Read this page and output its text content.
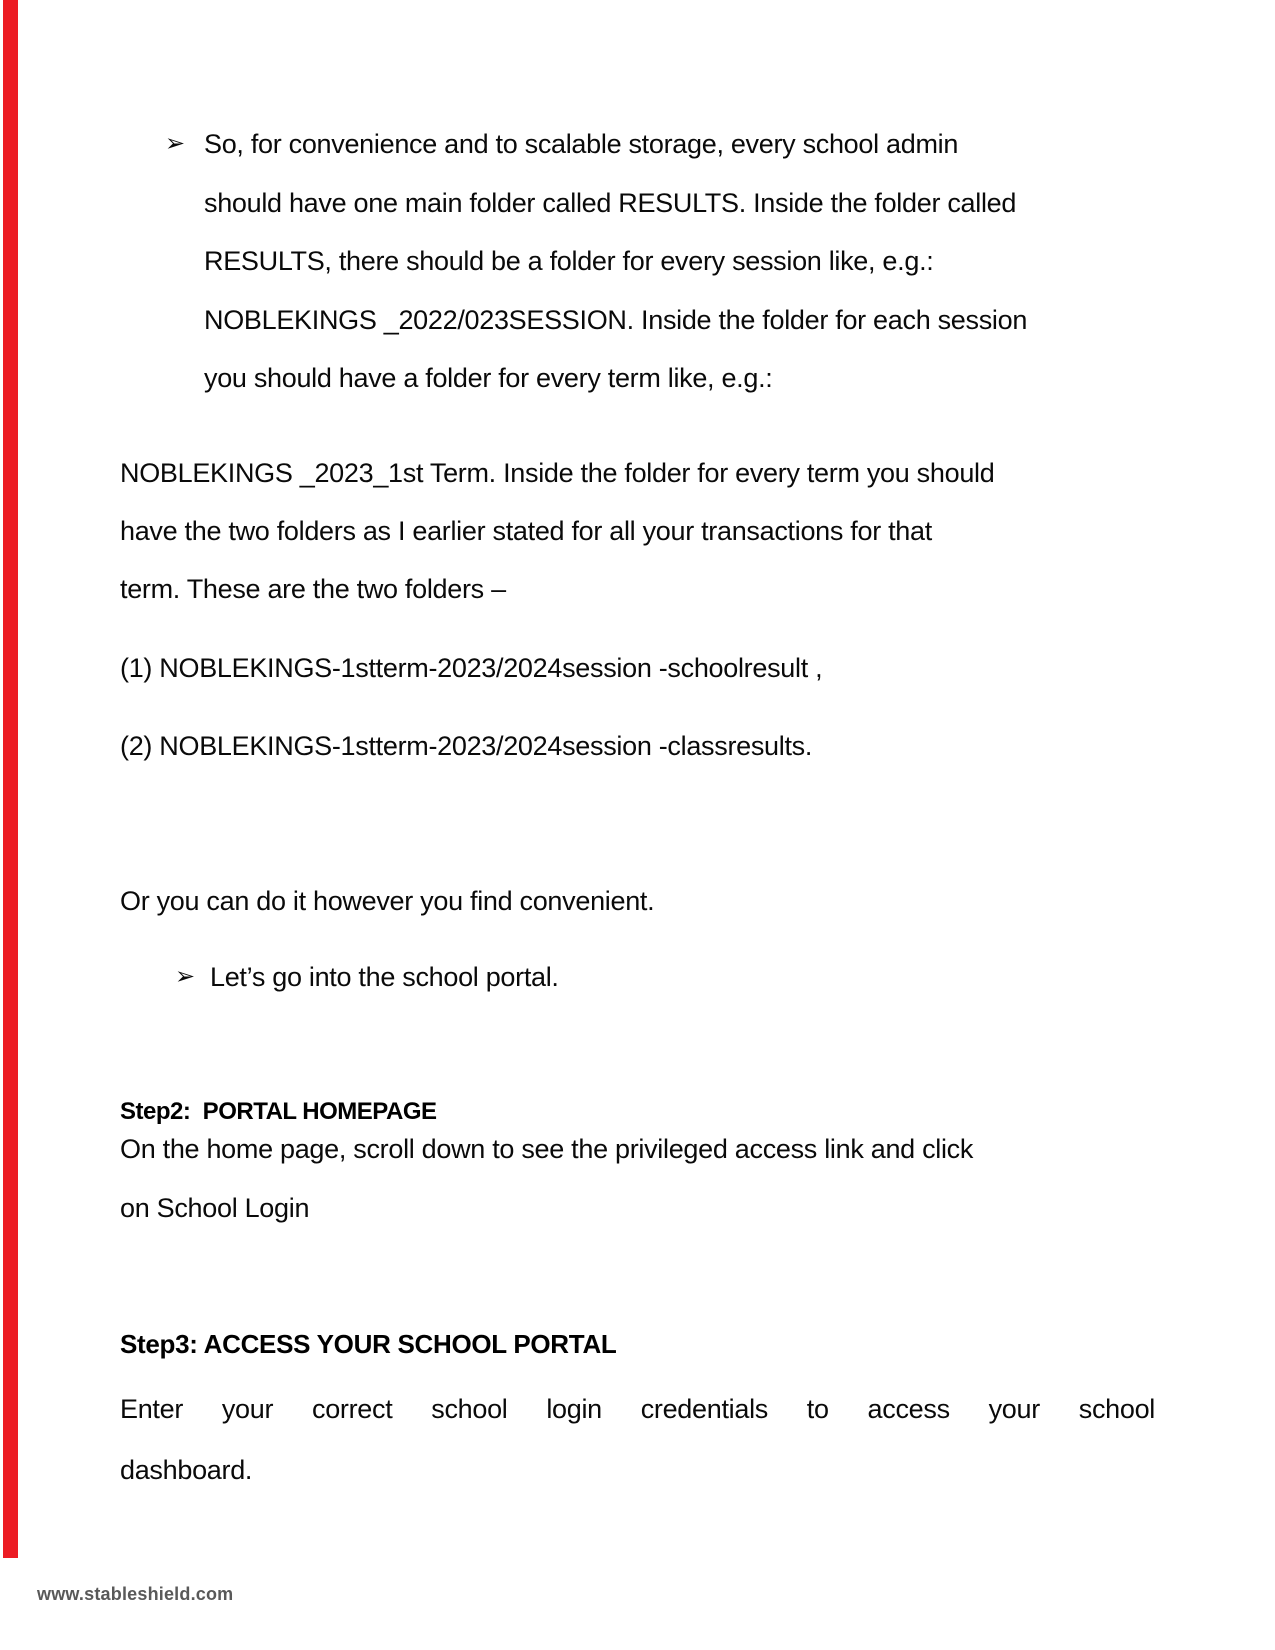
➢ So, for convenience and to scalable storage, every school admin
should have one main folder called RESULTS. Inside the folder called
RESULTS, there should be a folder for every session like, e.g.:
NOBLEKINGS _2022/023SESSION. Inside the folder for each session
you should have a folder for every term like, e.g.:
NOBLEKINGS _2023_1st Term. Inside the folder for every term you should
have the two folders as I earlier stated for all your transactions for that
term. These are the two folders –
(1) NOBLEKINGS-1stterm-2023/2024session -schoolresult ,
(2) NOBLEKINGS-1stterm-2023/2024session -classresults.
Or you can do it however you find convenient.
➢ Let’s go into the school portal.
Step2:  PORTAL HOMEPAGE
On the home page, scroll down to see the privileged access link and click
on School Login
Step3: ACCESS YOUR SCHOOL PORTAL
Enter your correct school login credentials to access your school
dashboard.
www.stableshield.com
